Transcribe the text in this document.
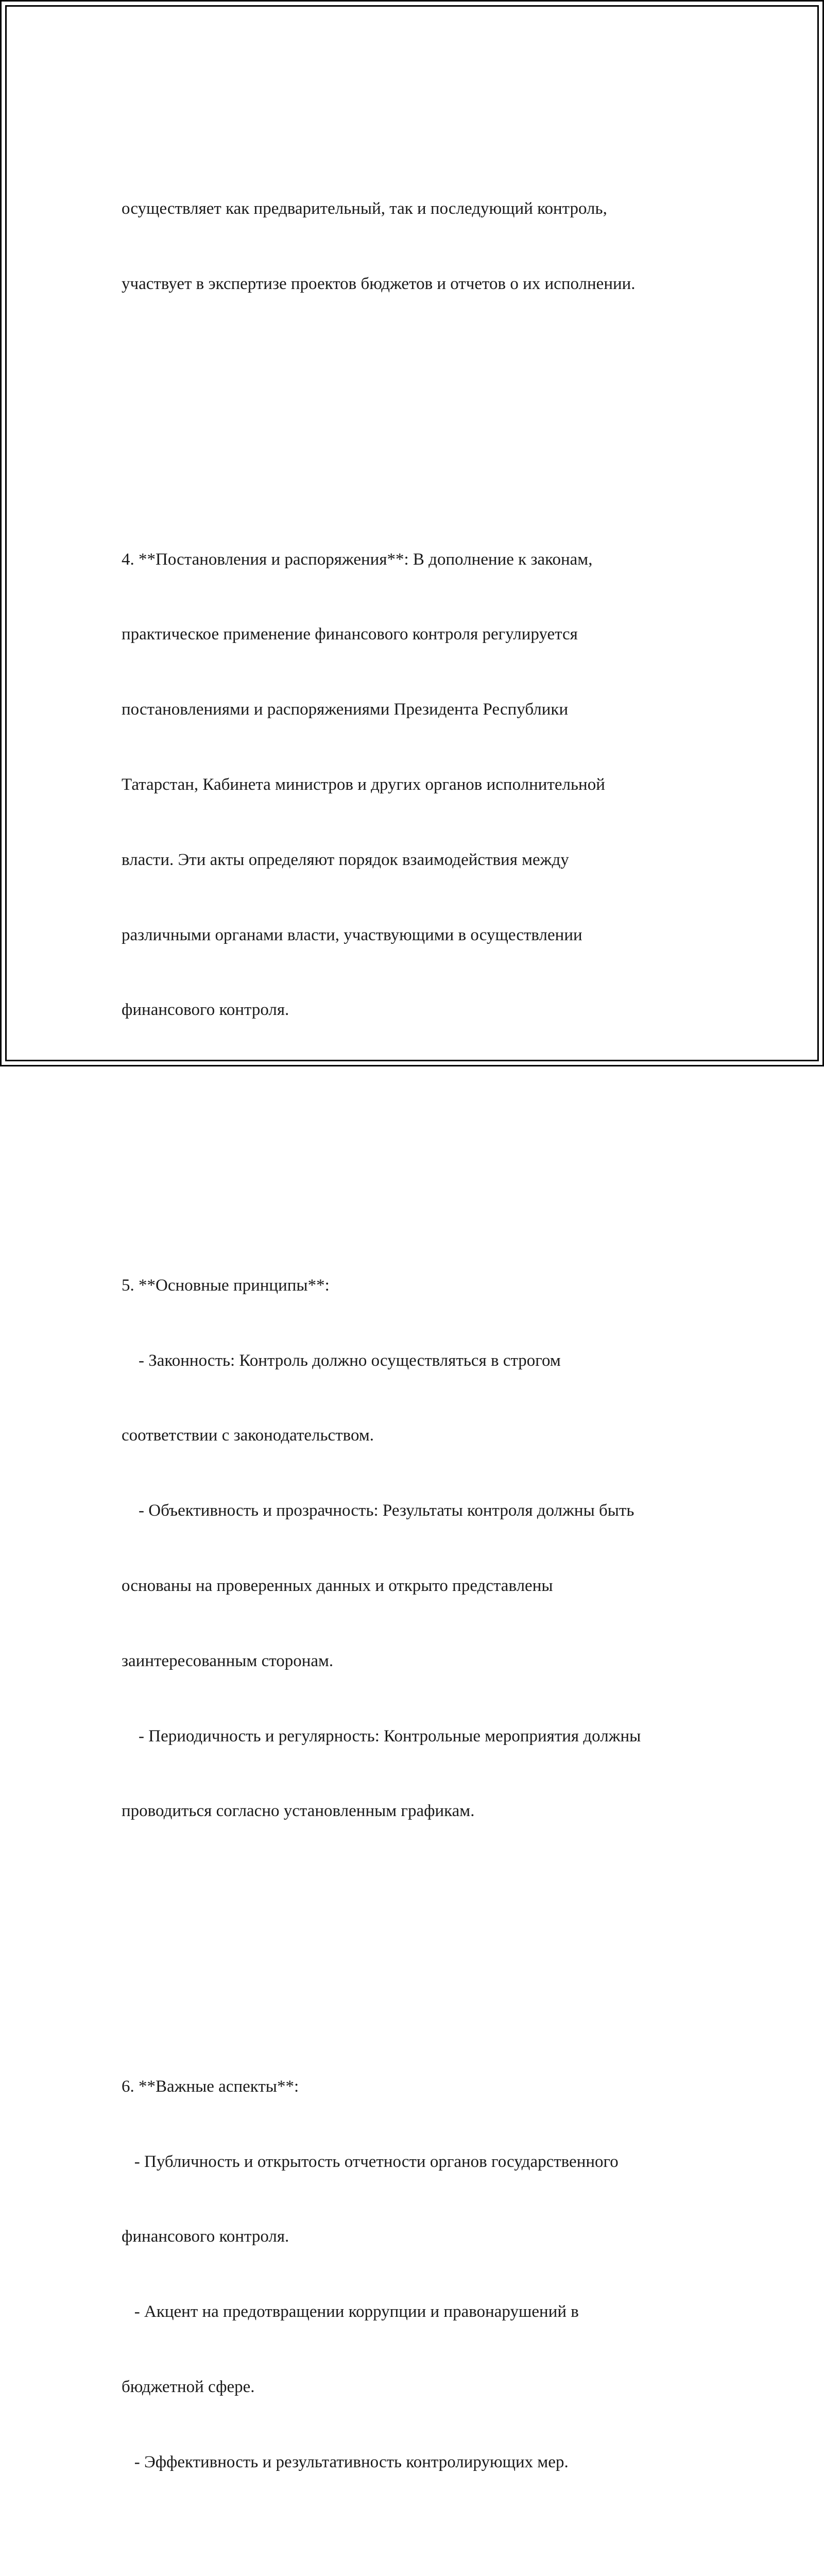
осуществляет как предварительный, так и последующий контроль,

участвует в экспертизе проектов бюджетов и отчетов о их исполнении.

4. **Постановления и распоряжения**: В дополнение к законам,

практическое применение финансового контроля регулируется

постановлениями и распоряжениями Президента Республики

Татарстан, Кабинета министров и других органов исполнительной

власти. Эти акты определяют порядок взаимодействия между

различными органами власти, участвующими в осуществлении

финансового контроля.

5. **Основные принципы**:

- Законность: Контроль должно осуществляться в строгом

соответствии с законодательством.

- Объективность и прозрачность: Результаты контроля должны быть

основаны на проверенных данных и открыто представлены

заинтересованным сторонам.

- Периодичность и регулярность: Контрольные мероприятия должны

проводиться согласно установленным графикам.

6. **Важные аспекты**:

- Публичность и открытость отчетности органов государственного

финансового контроля.

- Акцент на предотвращении коррупции и правонарушений в

бюджетной сфере.

- Эффективность и результативность контролирующих мер.
